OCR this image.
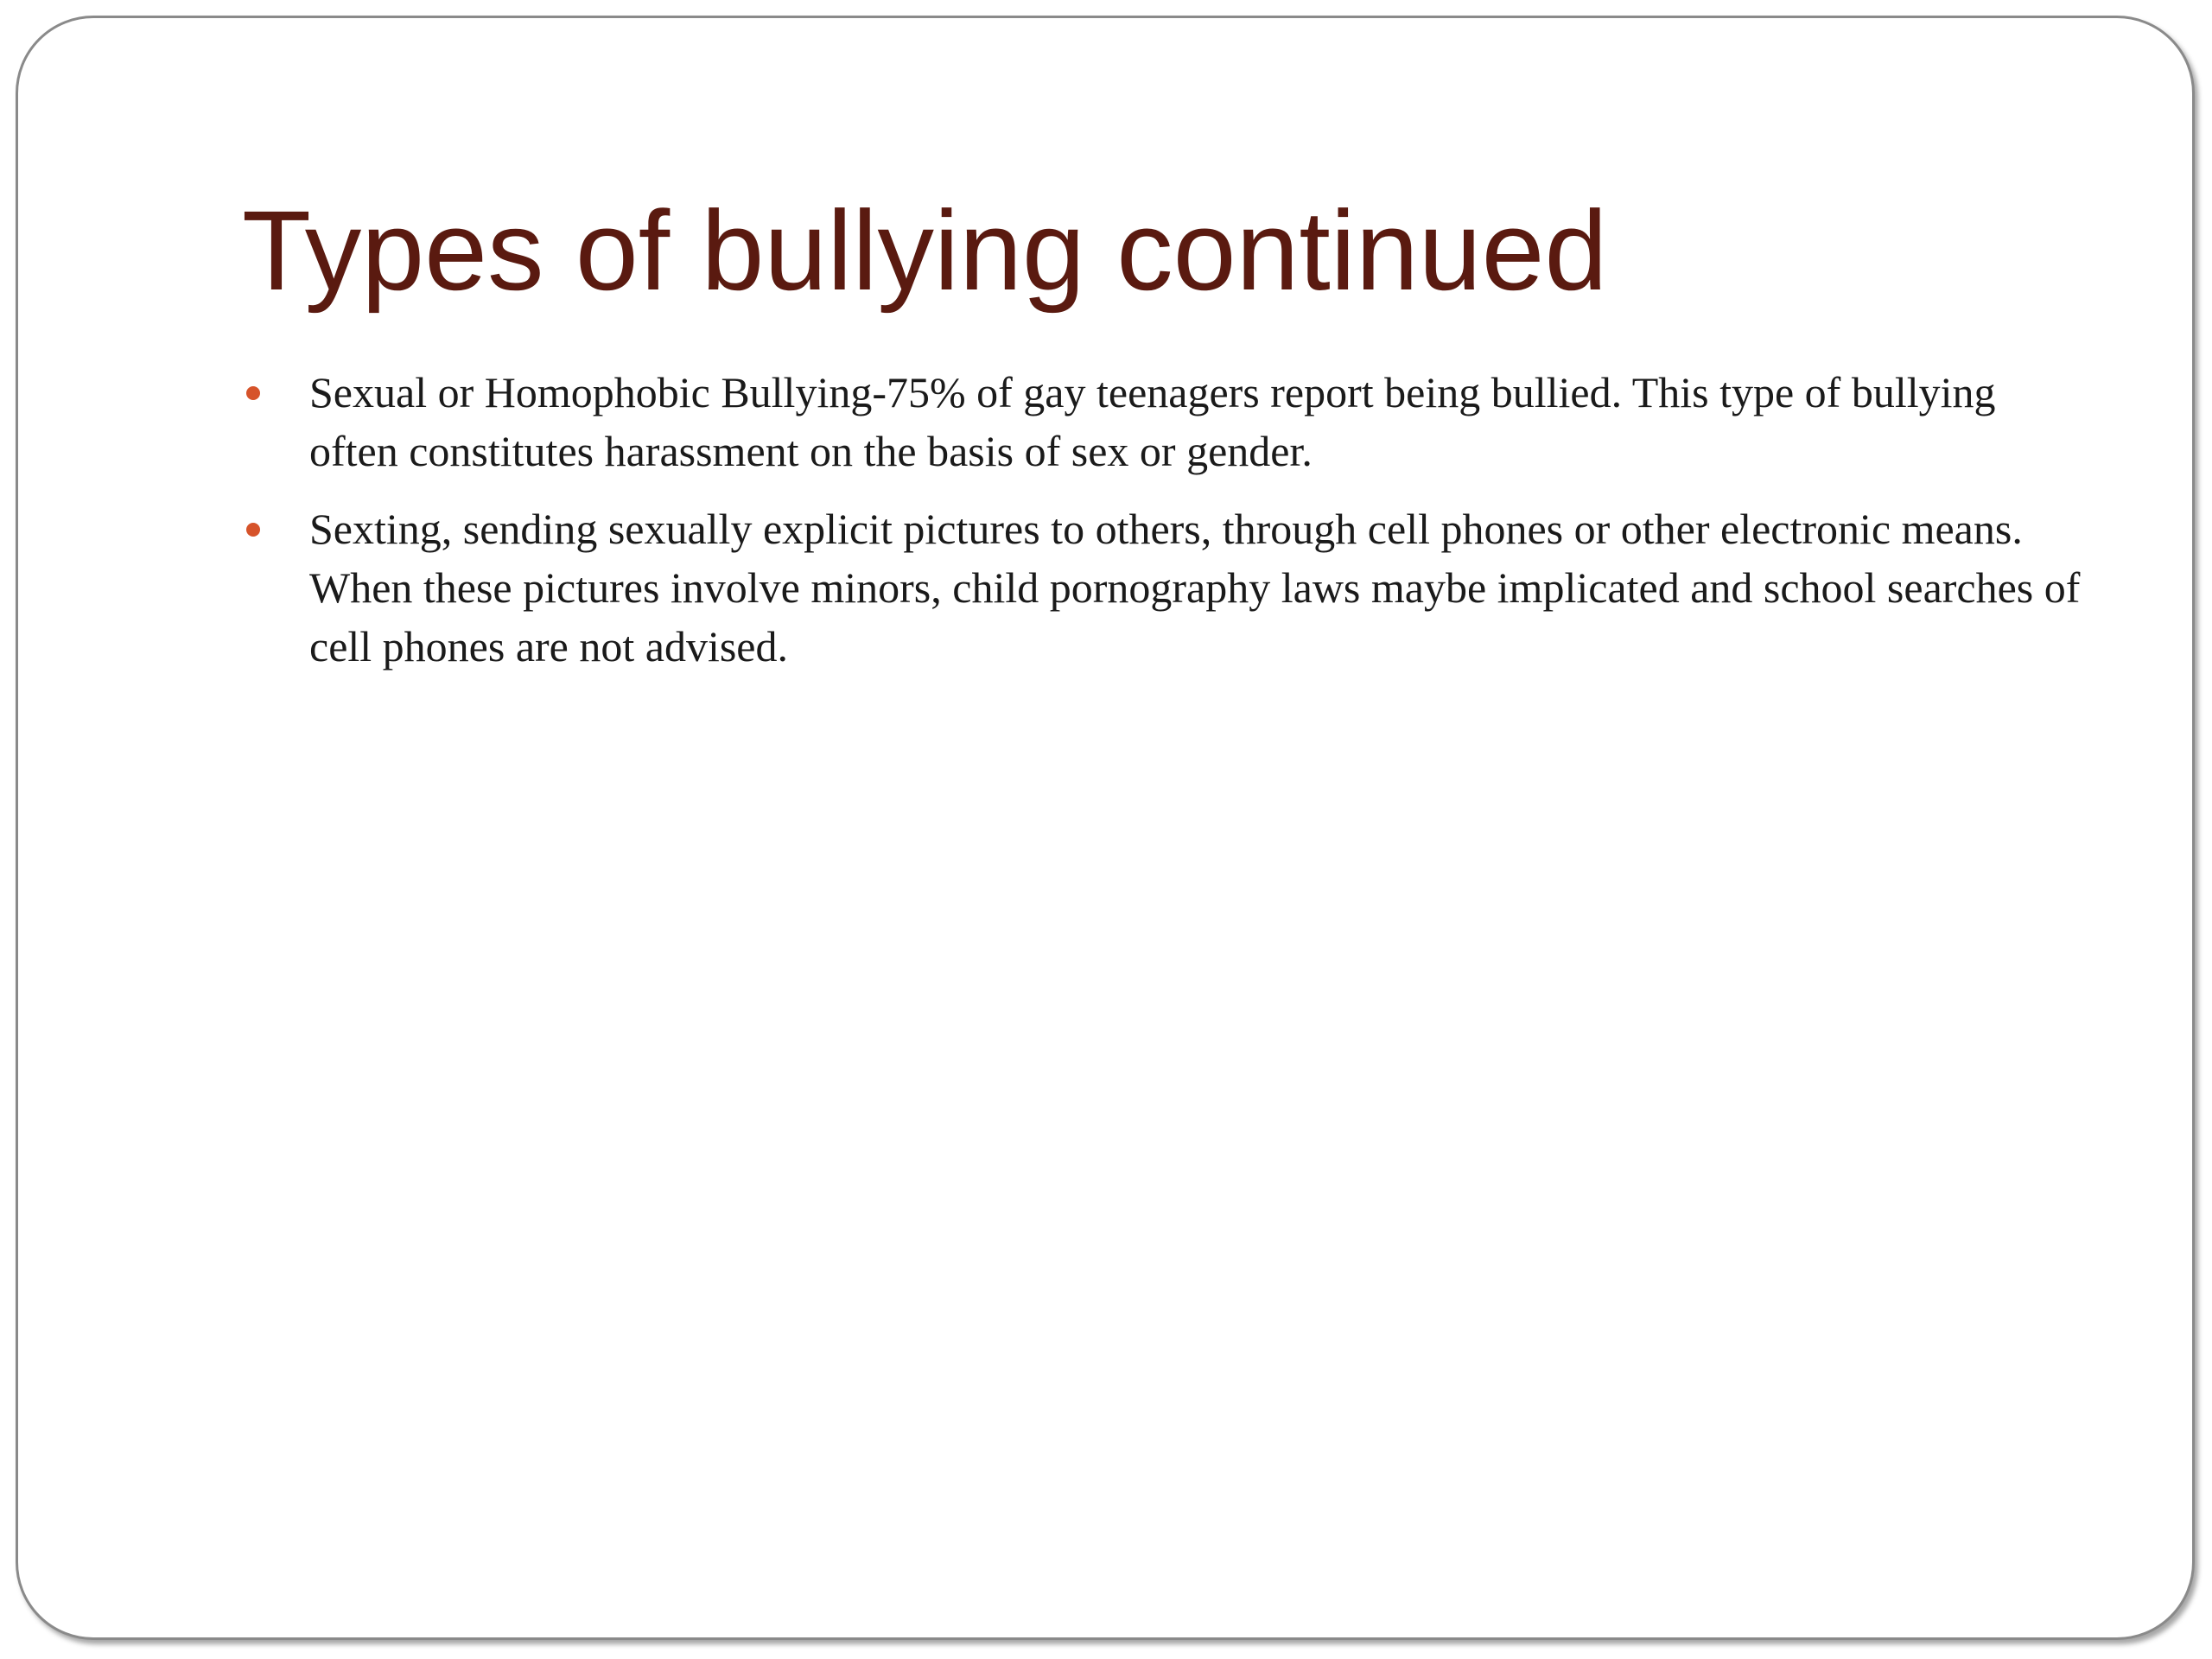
Types of bullying continued
Sexual or Homophobic Bullying-75% of gay teenagers report being bullied. This type of bullying often constitutes harassment on the basis of sex or gender.
Sexting, sending sexually explicit pictures to others, through cell phones or other electronic means. When these pictures involve minors, child pornography laws maybe implicated and school searches of cell phones are not advised.
